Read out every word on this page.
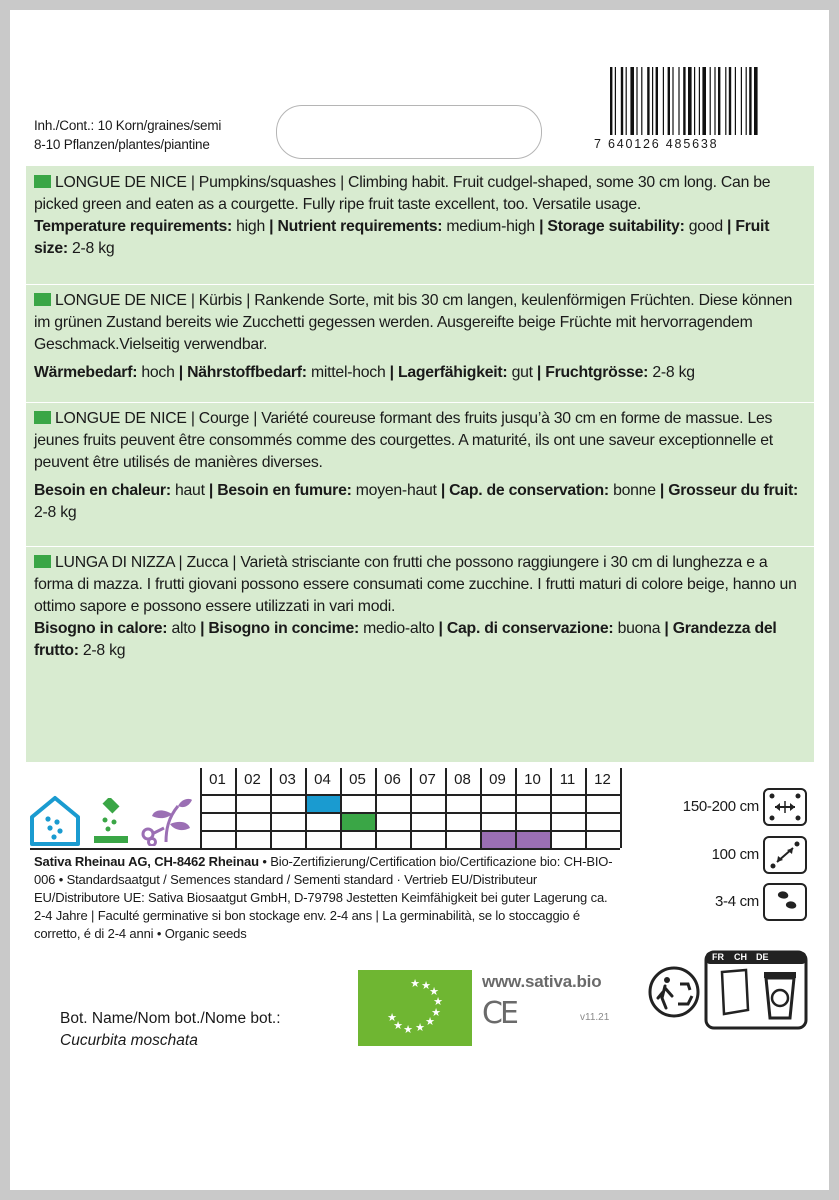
Inh./Cont.: 10 Korn/graines/semi
8-10 Pflanzen/plantes/piantine	7 640126 485638
LONGUE DE NICE | Pumpkins/squashes | Climbing habit. Fruit cudgel-shaped, some 30 cm long. Can be picked green and eaten as a courgette. Fully ripe fruit taste excellent, too. Versatile usage.
Temperature requirements: high | Nutrient requirements: medium-high | Storage suitability: good | Fruit size: 2-8 kg
LONGUE DE NICE | Kürbis | Rankende Sorte, mit bis 30 cm langen, keulenförmigen Früchten. Diese können im grünen Zustand bereits wie Zucchetti gegessen werden. Ausgereifte beige Früchte mit hervorragendem Geschmack.Vielseitig verwendbar.
Wärmebedarf: hoch | Nährstoffbedarf: mittel-hoch | Lagerfähigkeit: gut | Fruchtgrösse: 2-8 kg
LONGUE DE NICE | Courge | Variété coureuse formant des fruits jusqu’à 30 cm en forme de massue. Les jeunes fruits peuvent être consommés comme des courgettes. A maturité, ils ont une saveur exceptionnelle et peuvent être utilisés de manières diverses.
Besoin en chaleur: haut | Besoin en fumure: moyen-haut | Cap. de conservation: bonne | Grosseur du fruit: 2-8 kg
LUNGA DI NIZZA | Zucca | Varietà strisciante con frutti che possono raggiungere i 30 cm di lunghezza e a forma di mazza. I frutti giovani possono essere consumati come zucchine. I frutti maturi di colore beige, hanno un ottimo sapore e possono essere utilizzati in vari modi.
Bisogno in calore: alto | Bisogno in concime: medio-alto | Cap. di conservazione: buona | Grandezza del frutto: 2-8 kg
01	02	03	04	05	06	07	08	09	10	11	12
Sativa Rheinau AG, CH-8462 Rheinau • Bio-Zertifizierung/Certification bio/Certificazione bio: CH-BIO-006 • Standardsaatgut / Semences standard / Sementi standard · Vertrieb EU/Distributeur EU/Distributore UE: Sativa Biosaatgut GmbH, D-79798 Jestetten Keimfähigkeit bei guter Lagerung ca. 2-4 Jahre | Faculté germinative si bon stockage env. 2-4 ans | La germinabilità, se lo stoccaggio é corretto, é di 2-4 anni • Organic seeds
150-200 cm
100 cm
3-4 cm
FR CH DE
Bot. Name/Nom bot./Nome bot.:
Cucurbita moschata
★ ★
★
★
★
★
★
★
★
★
www.sativa.bio
CE	v11.21
